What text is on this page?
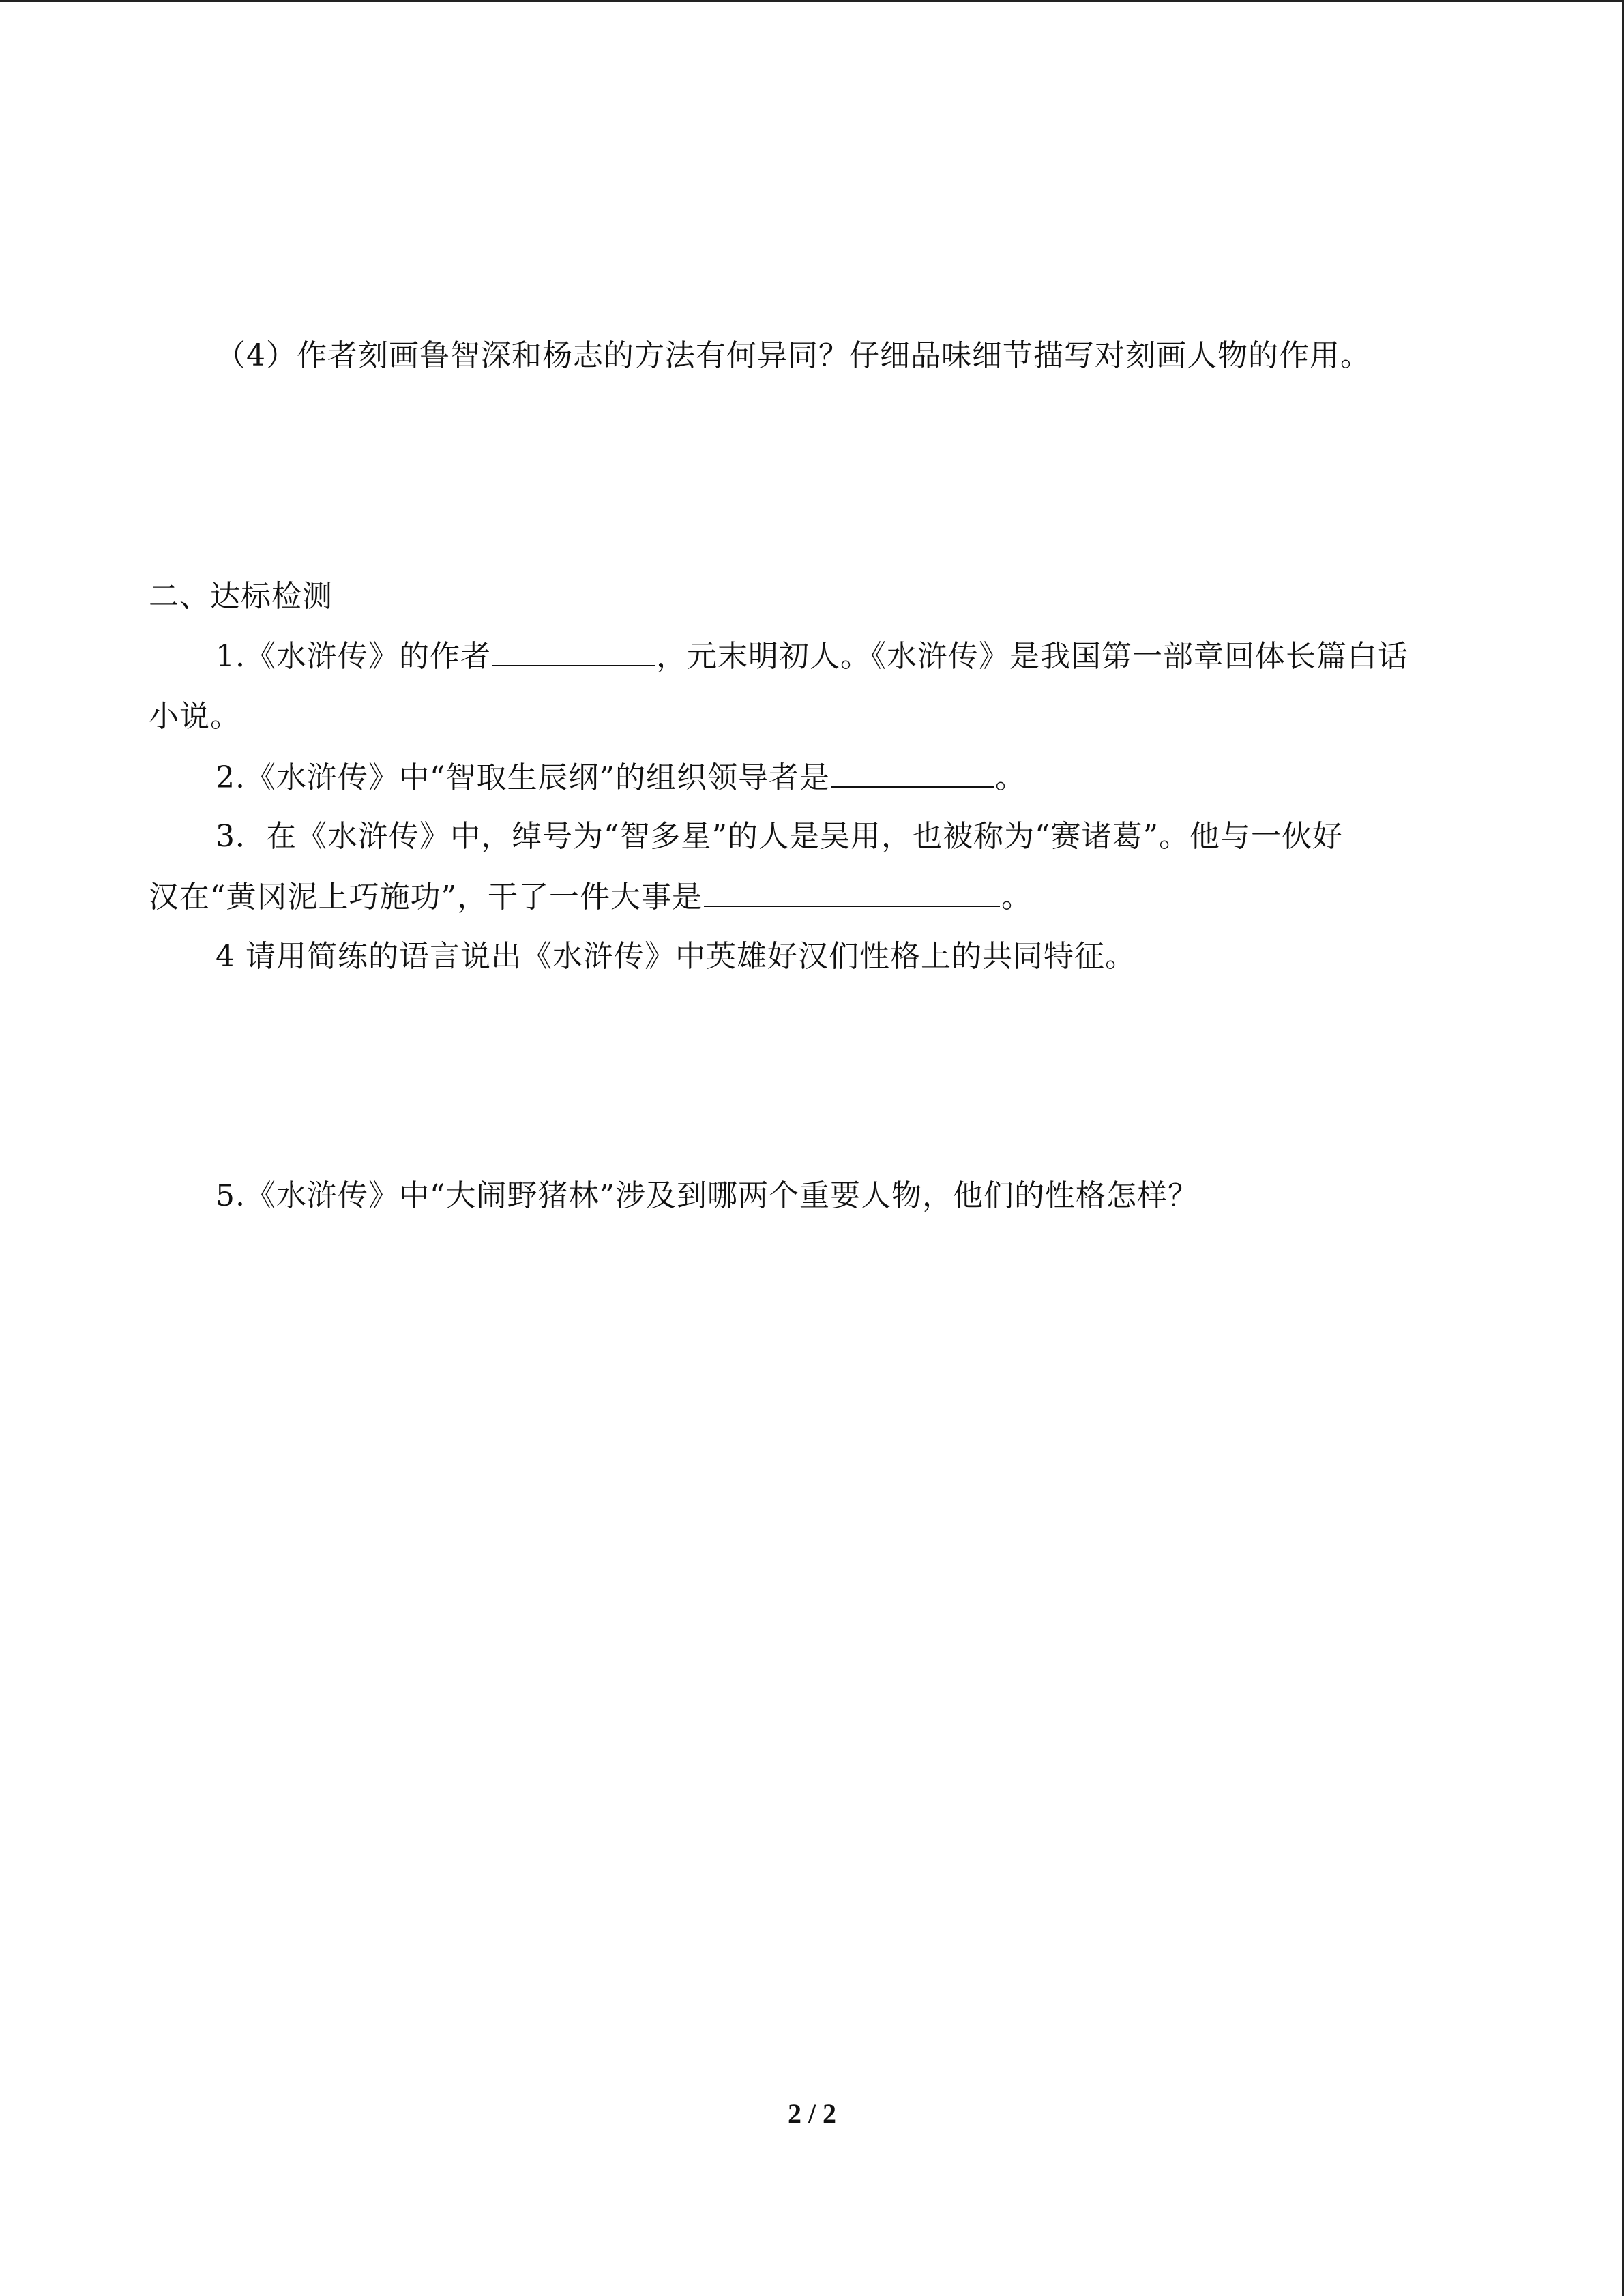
（4）作者刻画鲁智深和杨志的方法有何异同？仔细品味细节描写对刻画人物的作用。
二、达标检测
1.《水浒传》的作者	，元末明初人。《水浒传》是我国第一部章回体长篇白话
小说。
2.《水浒传》中“智取生辰纲”的组织领导者是	。
3．在《水浒传》中，绰号为“智多星”的人是吴用，也被称为“赛诸葛”。他与一伙好
汉在“黄冈泥上巧施功”，干了一件大事是	。
4 请用简练的语言说出《水浒传》中英雄好汉们性格上的共同特征。
5.《水浒传》中“大闹野猪林”涉及到哪两个重要人物，他们的性格怎样？
2 / 2
